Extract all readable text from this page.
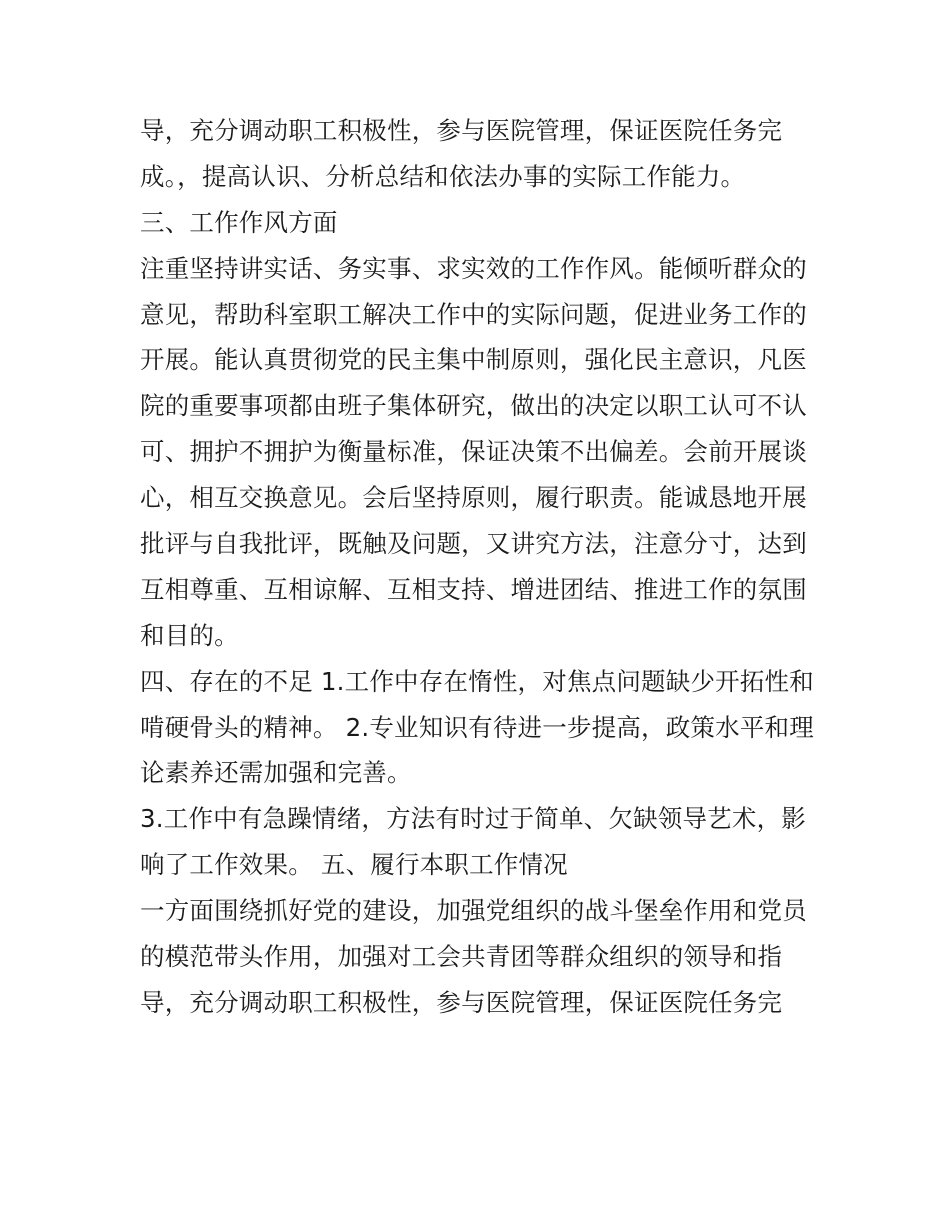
导，充分调动职工积极性，参与医院管理，保证医院任务完
成。，提高认识、分析总结和依法办事的实际工作能力。
三、工作作风方面
注重坚持讲实话、务实事、求实效的工作作风。能倾听群众的
意见，帮助科室职工解决工作中的实际问题，促进业务工作的
开展。能认真贯彻党的民主集中制原则，强化民主意识，凡医
院的重要事项都由班子集体研究，做出的决定以职工认可不认
可、拥护不拥护为衡量标准，保证决策不出偏差。会前开展谈
心，相互交换意见。会后坚持原则，履行职责。能诚恳地开展
批评与自我批评，既触及问题，又讲究方法，注意分寸，达到
互相尊重、互相谅解、互相支持、增进团结、推进工作的氛围
和目的。
四、存在的不足 1.工作中存在惰性，对焦点问题缺少开拓性和
啃硬骨头的精神。 2.专业知识有待进一步提高，政策水平和理
论素养还需加强和完善。
3.工作中有急躁情绪，方法有时过于简单、欠缺领导艺术，影
响了工作效果。 五、履行本职工作情况
一方面围绕抓好党的建设，加强党组织的战斗堡垒作用和党员
的模范带头作用，加强对工会共青团等群众组织的领导和指
导，充分调动职工积极性，参与医院管理，保证医院任务完
